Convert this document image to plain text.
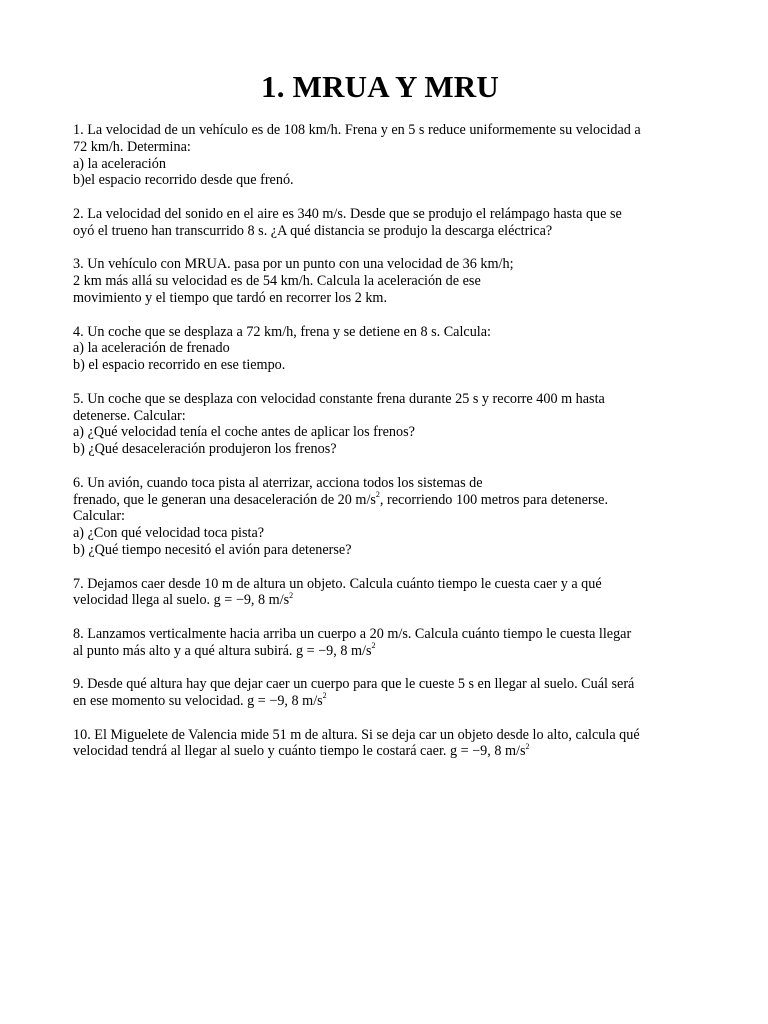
1. MRUA Y MRU
1. La velocidad de un vehículo es de 108 km/h. Frena y en 5 s reduce uniformemente su velocidad a
72 km/h. Determina:
a) la aceleración
b)el espacio recorrido desde que frenó.
2. La velocidad del sonido en el aire es 340 m/s. Desde que se produjo el relámpago hasta que se
oyó el trueno han transcurrido 8 s. ¿A qué distancia se produjo la descarga eléctrica?
3. Un vehículo con MRUA. pasa por un punto con una velocidad de 36 km/h;
2 km más allá su velocidad es de 54 km/h. Calcula la aceleración de ese
movimiento y el tiempo que tardó en recorrer los 2 km.
4. Un coche que se desplaza a 72 km/h, frena y se detiene en 8 s. Calcula:
a) la aceleración de frenado
b) el espacio recorrido en ese tiempo.
5. Un coche que se desplaza con velocidad constante frena durante 25 s y recorre 400 m hasta
detenerse. Calcular:
a) ¿Qué velocidad tenía el coche antes de aplicar los frenos?
b) ¿Qué desaceleración produjeron los frenos?
6. Un avión, cuando toca pista al aterrizar, acciona todos los sistemas de
frenado, que le generan una desaceleración de 20 $m/s^2$, recorriendo 100 metros para detenerse.
Calcular:
a) ¿Con qué velocidad toca pista?
b) ¿Qué tiempo necesitó el avión para detenerse?
7. Dejamos caer desde 10 m de altura un objeto. Calcula cuánto tiempo le cuesta caer y a qué
velocidad llega al suelo. g = −9, 8 $m/s^2$
8. Lanzamos verticalmente hacia arriba un cuerpo a 20 m/s. Calcula cuánto tiempo le cuesta llegar
al punto más alto y a qué altura subirá. g = −9, 8 $m/s^2$
9. Desde qué altura hay que dejar caer un cuerpo para que le cueste 5 s en llegar al suelo. Cuál será
en ese momento su velocidad. g = −9, 8 $m/s^2$
10. El Miguelete de Valencia mide 51 m de altura. Si se deja car un objeto desde lo alto, calcula qué
velocidad tendrá al llegar al suelo y cuánto tiempo le costará caer. g = −9, 8 $m/s^2$
